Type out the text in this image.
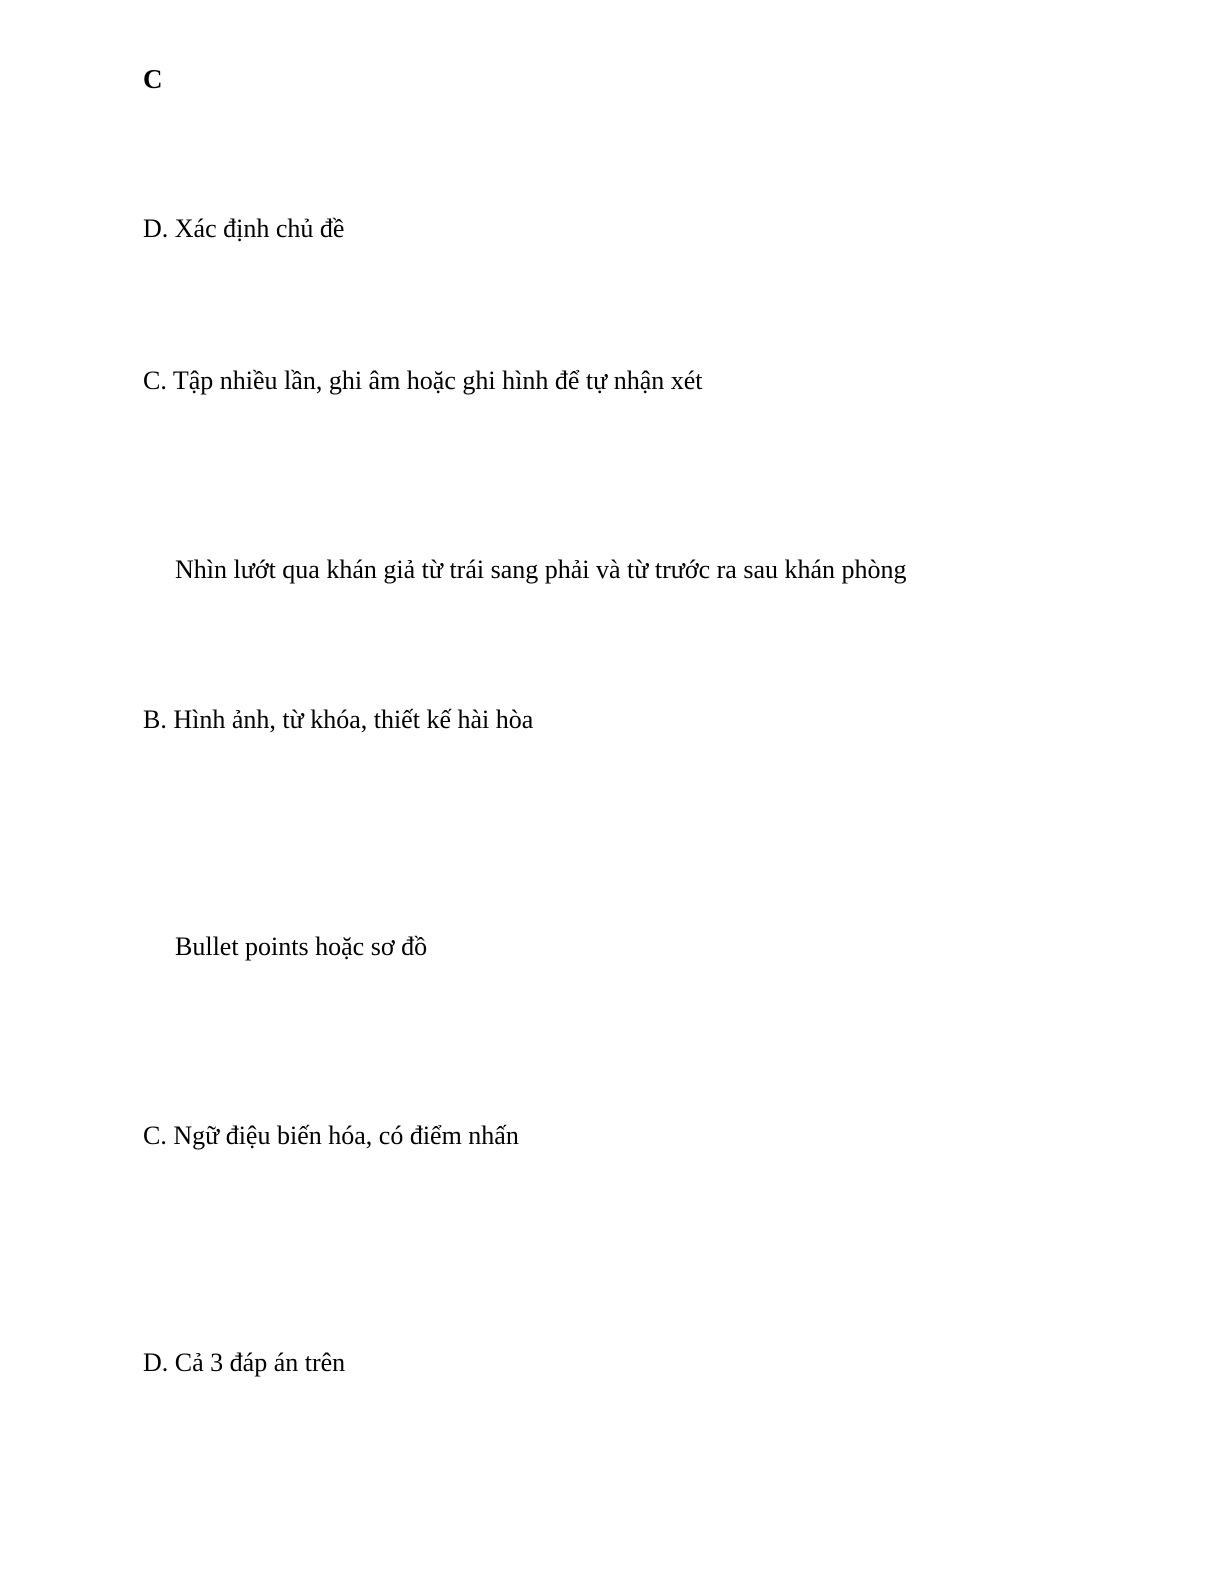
C
D. Xác định chủ đề
C. Tập nhiều lần, ghi âm hoặc ghi hình để tự nhận xét
Nhìn lướt qua khán giả từ trái sang phải và từ trước ra sau khán phòng
B. Hình ảnh, từ khóa, thiết kế hài hòa
Bullet points hoặc sơ đồ
C. Ngữ điệu biến hóa, có điểm nhấn
D. Cả 3 đáp án trên
